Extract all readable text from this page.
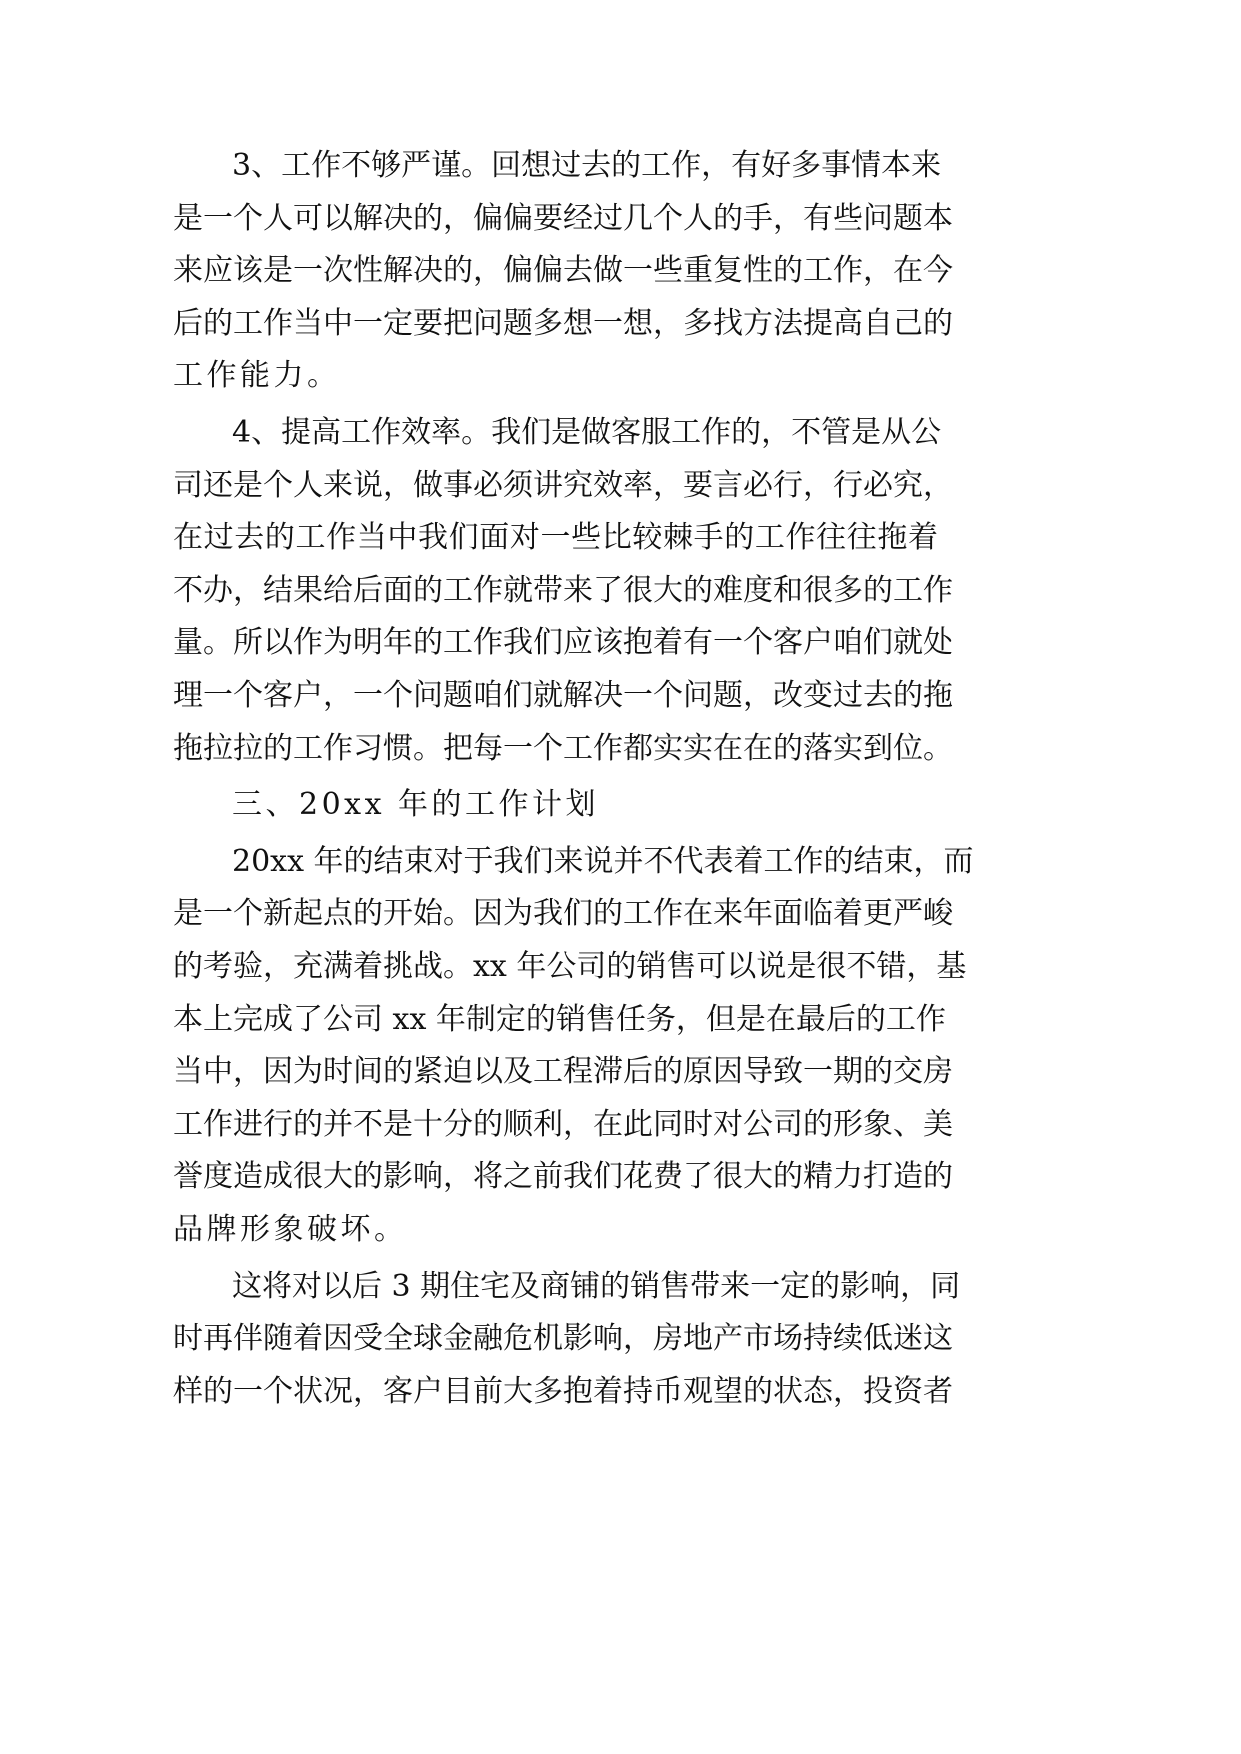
3、工作不够严谨。回想过去的工作，有好多事情本来
是一个人可以解决的，偏偏要经过几个人的手，有些问题本
来应该是一次性解决的，偏偏去做一些重复性的工作，在今
后的工作当中一定要把问题多想一想，多找方法提高自己的
工作能力。
4、提高工作效率。我们是做客服工作的，不管是从公
司还是个人来说，做事必须讲究效率，要言必行，行必究，
在过去的工作当中我们面对一些比较棘手的工作往往拖着
不办，结果给后面的工作就带来了很大的难度和很多的工作
量。所以作为明年的工作我们应该抱着有一个客户咱们就处
理一个客户，一个问题咱们就解决一个问题，改变过去的拖
拖拉拉的工作习惯。把每一个工作都实实在在的落实到位。
三、20xx 年的工作计划
20xx 年的结束对于我们来说并不代表着工作的结束，而
是一个新起点的开始。因为我们的工作在来年面临着更严峻
的考验，充满着挑战。xx 年公司的销售可以说是很不错，基
本上完成了公司 xx 年制定的销售任务，但是在最后的工作
当中，因为时间的紧迫以及工程滞后的原因导致一期的交房
工作进行的并不是十分的顺利，在此同时对公司的形象、美
誉度造成很大的影响，将之前我们花费了很大的精力打造的
品牌形象破坏。
这将对以后 3 期住宅及商铺的销售带来一定的影响，同
时再伴随着因受全球金融危机影响，房地产市场持续低迷这
样的一个状况，客户目前大多抱着持币观望的状态，投资者
